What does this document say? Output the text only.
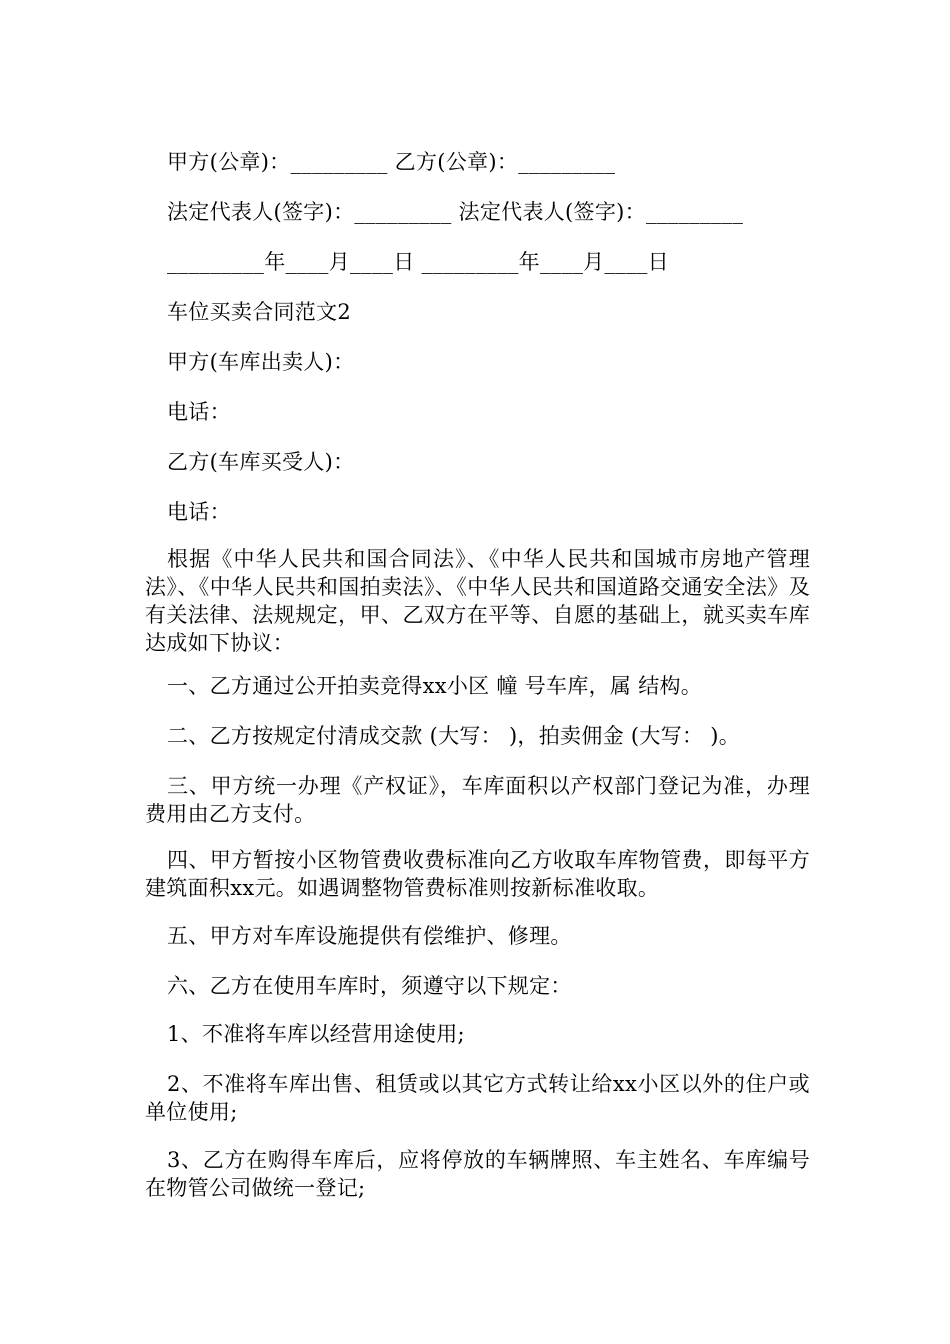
甲方(公章)：_________ 乙方(公章)：_________
法定代表人(签字)：_________ 法定代表人(签字)：_________
_________年____月____日 _________年____月____日
车位买卖合同范文2
甲方(车库出卖人)：
电话：
乙方(车库买受人)：
电话：
根据《中华人民共和国合同法》、《中华人民共和国城市房地产管理法》、《中华人民共和国拍卖法》、《中华人民共和国道路交通安全法》及有关法律、法规规定，甲、乙双方在平等、自愿的基础上，就买卖车库达成如下协议：
一、乙方通过公开拍卖竞得xx小区 幢 号车库，属 结构。
二、乙方按规定付清成交款 (大写： )，拍卖佣金 (大写： )。
三、甲方统一办理《产权证》，车库面积以产权部门登记为准，办理费用由乙方支付。
四、甲方暂按小区物管费收费标准向乙方收取车库物管费，即每平方建筑面积xx元。如遇调整物管费标准则按新标准收取。
五、甲方对车库设施提供有偿维护、修理。
六、乙方在使用车库时，须遵守以下规定：
1、不准将车库以经营用途使用;
2、不准将车库出售、租赁或以其它方式转让给xx小区以外的住户或单位使用;
3、乙方在购得车库后，应将停放的车辆牌照、车主姓名、车库编号在物管公司做统一登记;
